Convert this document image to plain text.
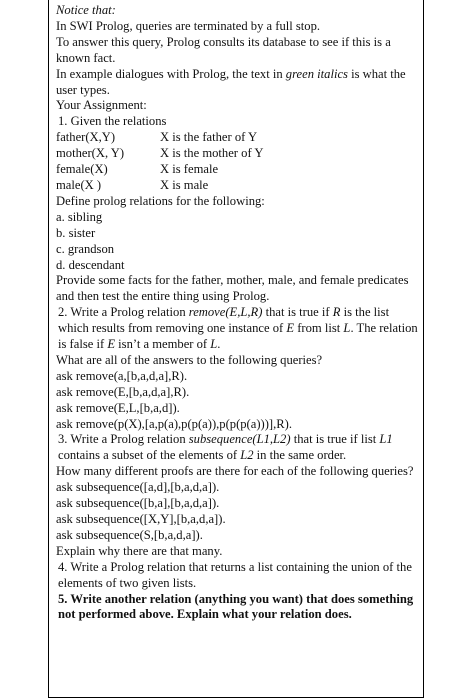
Notice that:
In SWI Prolog, queries are terminated by a full stop.
To answer this query, Prolog consults its database to see if this is a known fact.
In example dialogues with Prolog, the text in green italics is what the user types.
Your Assignment:
1. Given the relations
father(X,Y)	X is the father of Y
mother(X, Y)	X is the mother of Y
female(X)	X is female
male(X )	X is male
Define prolog relations for the following:
a. sibling
b. sister
c. grandson
d. descendant
Provide some facts for the father, mother, male, and female predicates and then test the entire thing using Prolog.
2. Write a Prolog relation remove(E,L,R) that is true if R is the list which results from removing one instance of E from list L. The relation is false if E isn’t a member of L.
What are all of the answers to the following queries?
ask remove(a,[b,a,d,a],R).
ask remove(E,[b,a,d,a],R).
ask remove(E,L,[b,a,d]).
ask remove(p(X),[a,p(a),p(p(a)),p(p(p(a)))],R).
3. Write a Prolog relation subsequence(L1,L2) that is true if list L1 contains a subset of the elements of L2 in the same order.
How many different proofs are there for each of the following queries?
ask subsequence([a,d],[b,a,d,a]).
ask subsequence([b,a],[b,a,d,a]).
ask subsequence([X,Y],[b,a,d,a]).
ask subsequence(S,[b,a,d,a]).
Explain why there are that many.
4. Write a Prolog relation that returns a list containing the union of the elements of two given lists.
5. Write another relation (anything you want) that does something not performed above. Explain what your relation does.
